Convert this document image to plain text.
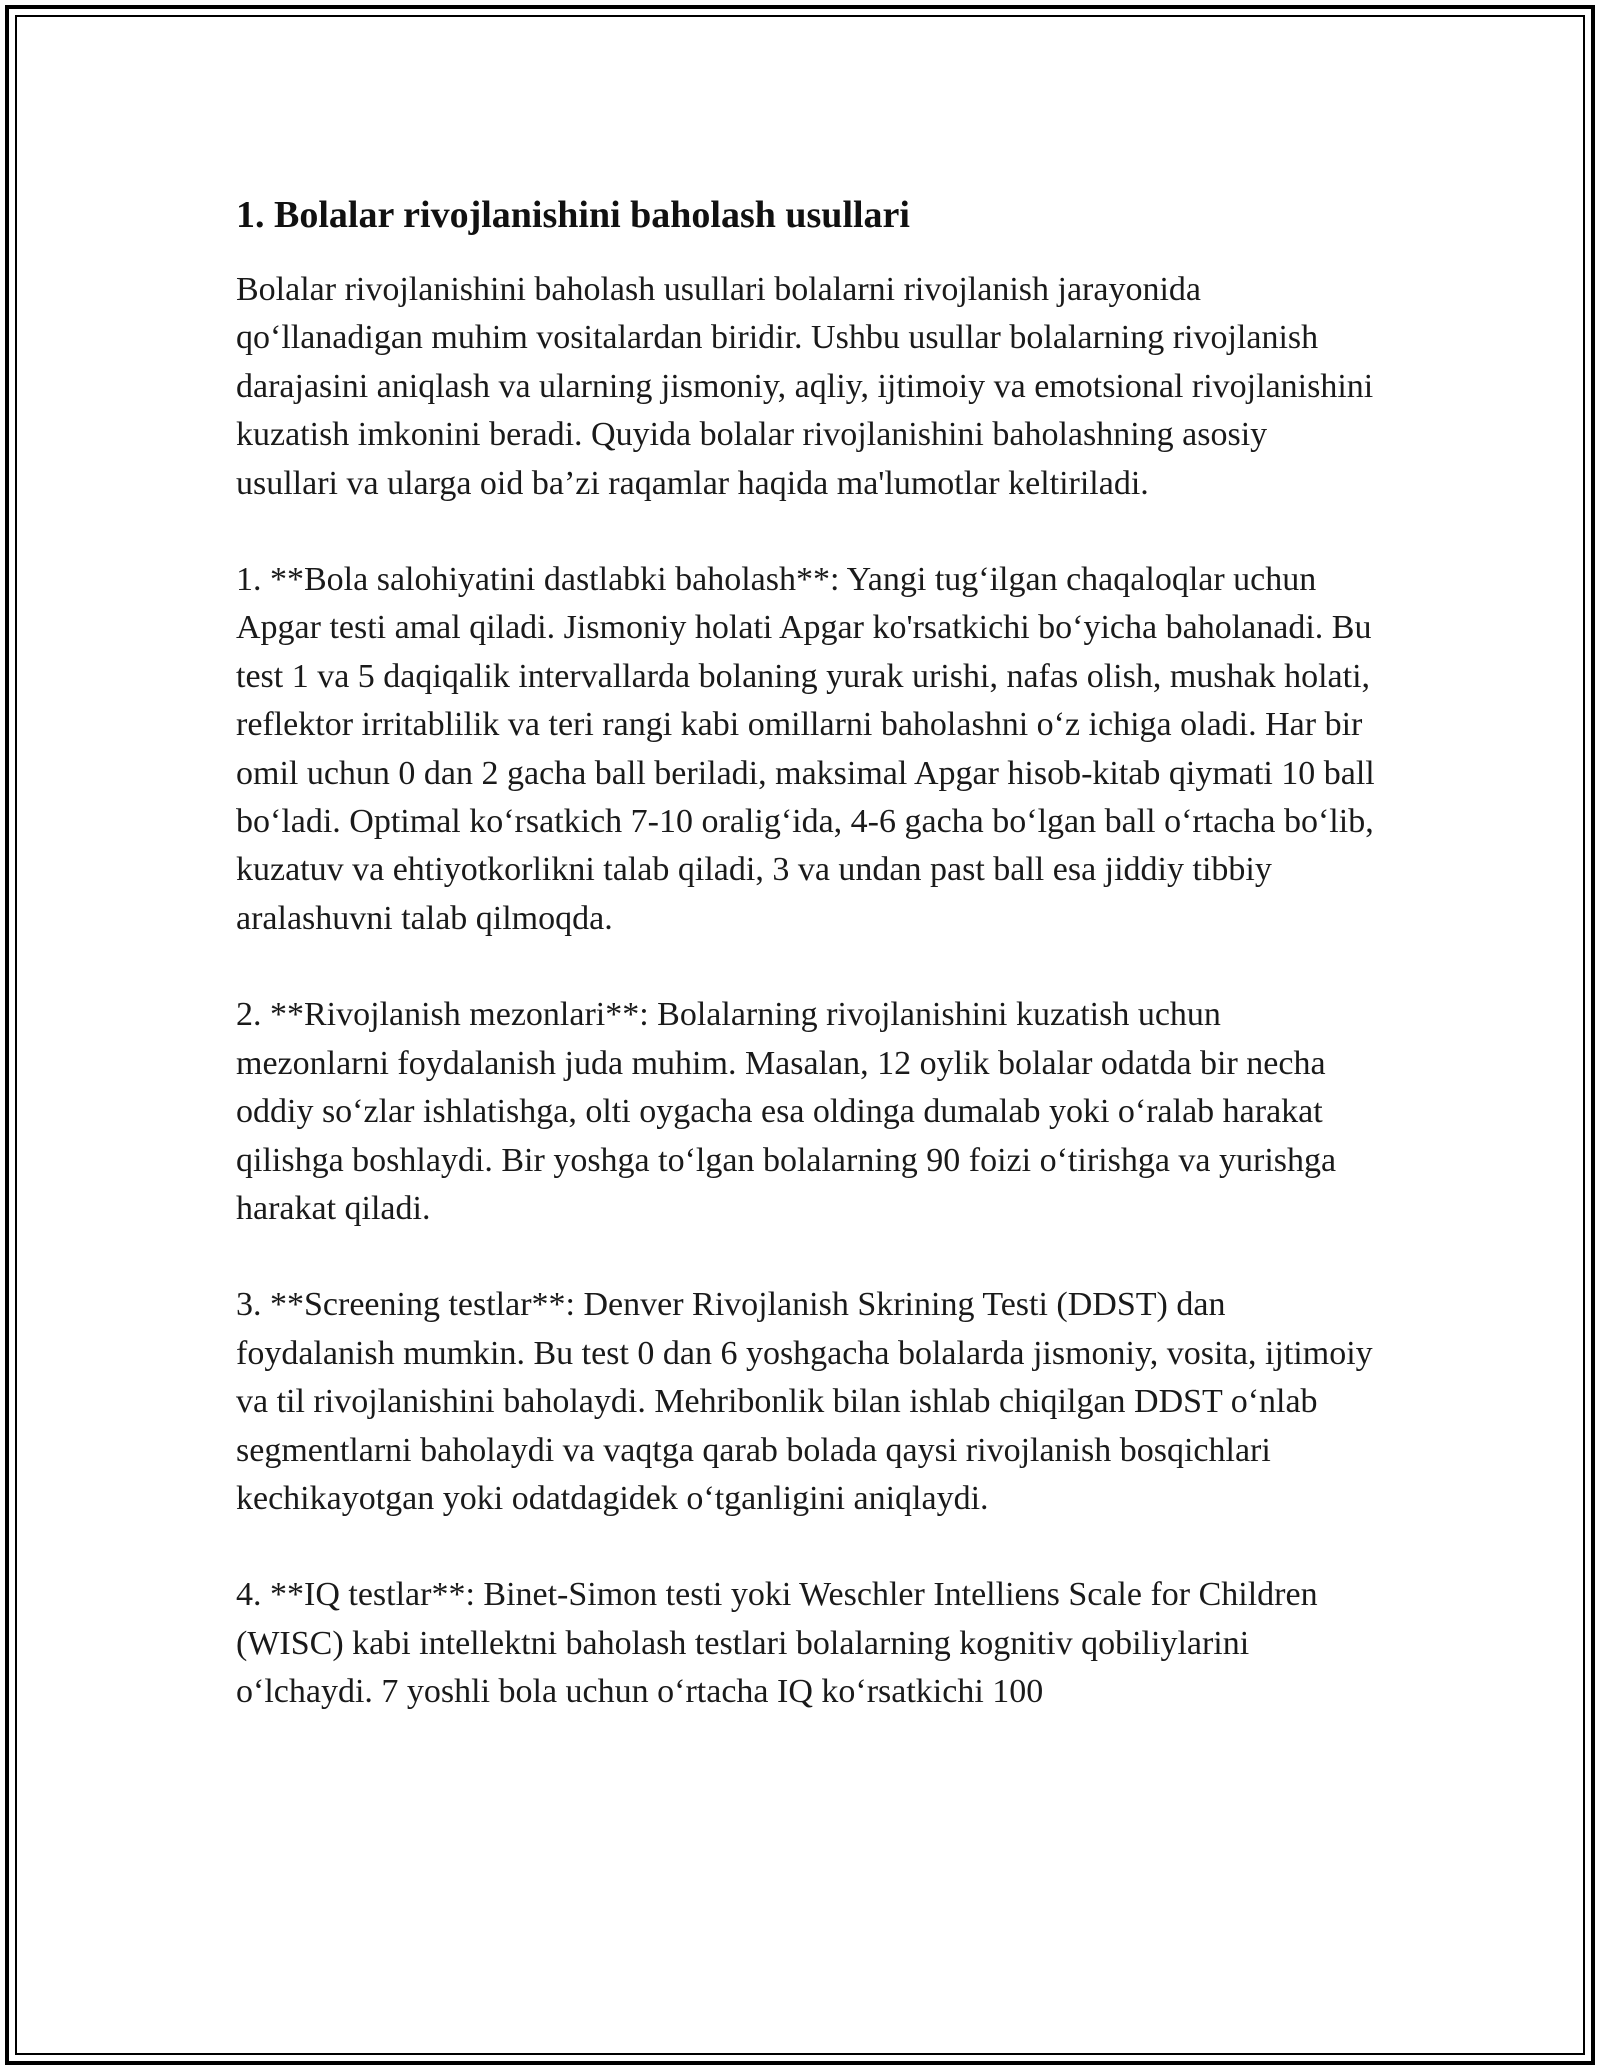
1. Bolalar rivojlanishini baholash usullari

Bolalar rivojlanishini baholash usullari bolalarni rivojlanish jarayonida qo‘llanadigan muhim vositalardan biridir. Ushbu usullar bolalarning rivojlanish darajasini aniqlash va ularning jismoniy, aqliy, ijtimoiy va emotsional rivojlanishini kuzatish imkonini beradi. Quyida bolalar rivojlanishini baholashning asosiy usullari va ularga oid ba’zi raqamlar haqida ma'lumotlar keltiriladi.

1. **Bola salohiyatini dastlabki baholash**: Yangi tug‘ilgan chaqaloqlar uchun Apgar testi amal qiladi. Jismoniy holati Apgar ko'rsatkichi bo‘yicha baholanadi. Bu test 1 va 5 daqiqalik intervallarda bolaning yurak urishi, nafas olish, mushak holati, reflektor irritablilik va teri rangi kabi omillarni baholashni o‘z ichiga oladi. Har bir omil uchun 0 dan 2 gacha ball beriladi, maksimal Apgar hisob-kitab qiymati 10 ball bo‘ladi. Optimal ko‘rsatkich 7-10 oralig‘ida, 4-6 gacha bo‘lgan ball o‘rtacha bo‘lib, kuzatuv va ehtiyotkorlikni talab qiladi, 3 va undan past ball esa jiddiy tibbiy aralashuvni talab qilmoqda.

2. **Rivojlanish mezonlari**: Bolalarning rivojlanishini kuzatish uchun mezonlarni foydalanish juda muhim. Masalan, 12 oylik bolalar odatda bir necha oddiy so‘zlar ishlatishga, olti oygacha esa oldinga dumalab yoki o‘ralab harakat qilishga boshlaydi. Bir yoshga to‘lgan bolalarning 90 foizi o‘tirishga va yurishga harakat qiladi.

3. **Screening testlar**: Denver Rivojlanish Skrining Testi (DDST) dan foydalanish mumkin. Bu test 0 dan 6 yoshgacha bolalarda jismoniy, vosita, ijtimoiy va til rivojlanishini baholaydi. Mehribonlik bilan ishlab chiqilgan DDST o‘nlab segmentlarni baholaydi va vaqtga qarab bolada qaysi rivojlanish bosqichlari kechikayotgan yoki odatdagidek o‘tganligini aniqlaydi.

4. **IQ testlar**: Binet-Simon testi yoki Weschler Intelliens Scale for Children (WISC) kabi intellektni baholash testlari bolalarning kognitiv qobiliylarini o‘lchaydi. 7 yoshli bola uchun o‘rtacha IQ ko‘rsatkichi 100
